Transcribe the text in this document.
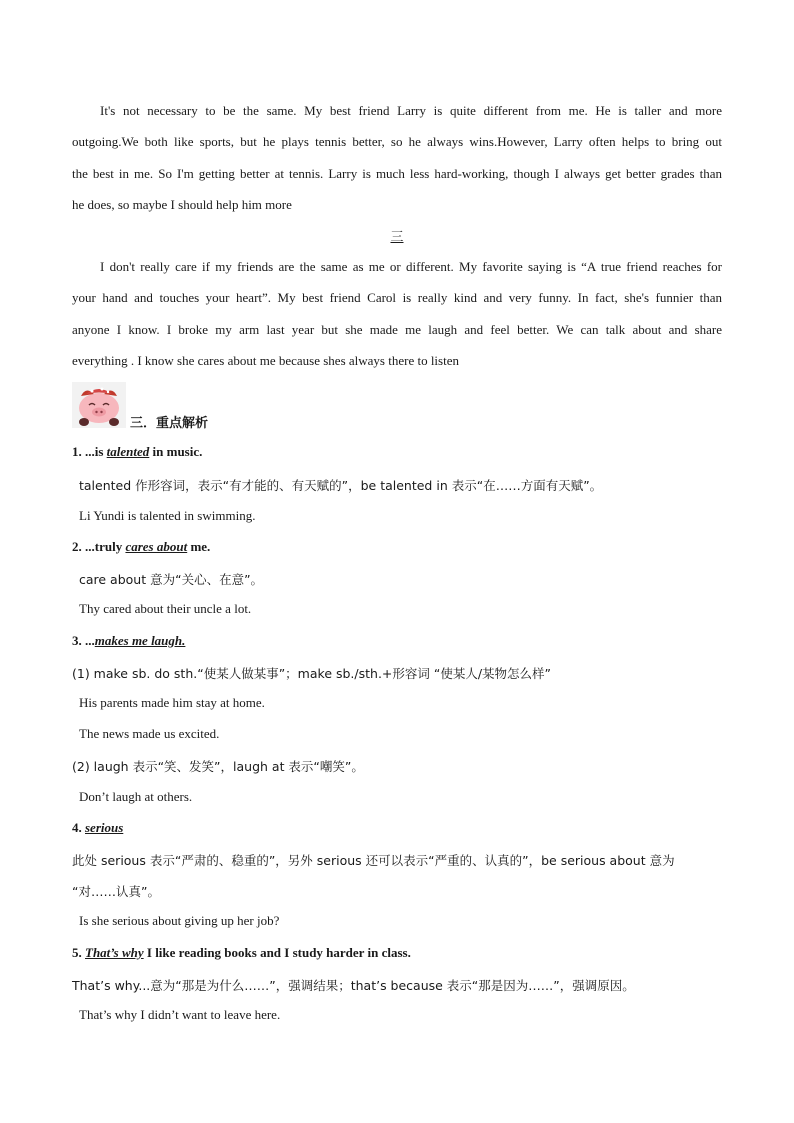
It's not necessary to be the same. My best friend Larry is quite different from me. He is taller and more
outgoing.We both like sports, but he plays tennis better, so he always wins.However, Larry often helps to bring out
the best in me. So I'm getting better at tennis. Larry is much less hard-working, though I always get better grades than
he does, so maybe I should help him more
三
I don't really care if my friends are the same as me or different. My favorite saying is “A true friend reaches for
your hand and touches your heart”. My best friend Carol is really kind and very funny. In fact, she's funnier than
anyone I know. I broke my arm last year but she made me laugh and feel better. We can talk about and share
everything . I know she cares about me because shes always there to listen
三．重点解析
1. ...is talented in music.
talented 作形容词，表示“有才能的、有天赋的”，be talented in 表示“在……方面有天赋”。
Li Yundi is talented in swimming.
2. ...truly cares about me.
care about 意为“关心、在意”。
Thy cared about their uncle a lot.
3. ...makes me laugh.
(1) make sb. do sth.“使某人做某事”；make sb./sth.+形容词 “使某人/某物怎么样”
His parents made him stay at home.
The news made us excited.
(2) laugh 表示“笑、发笑”，laugh at 表示“嘲笑”。
Don’t laugh at others.
4. serious
此处 serious 表示“严肃的、稳重的”，另外 serious 还可以表示“严重的、认真的”，be serious about 意为
“对……认真”。
Is she serious about giving up her job?
5. That’s why I like reading books and I study harder in class.
That’s why...意为“那是为什么……”，强调结果；that’s because 表示“那是因为……”，强调原因。
That’s why I didn’t want to leave here.
